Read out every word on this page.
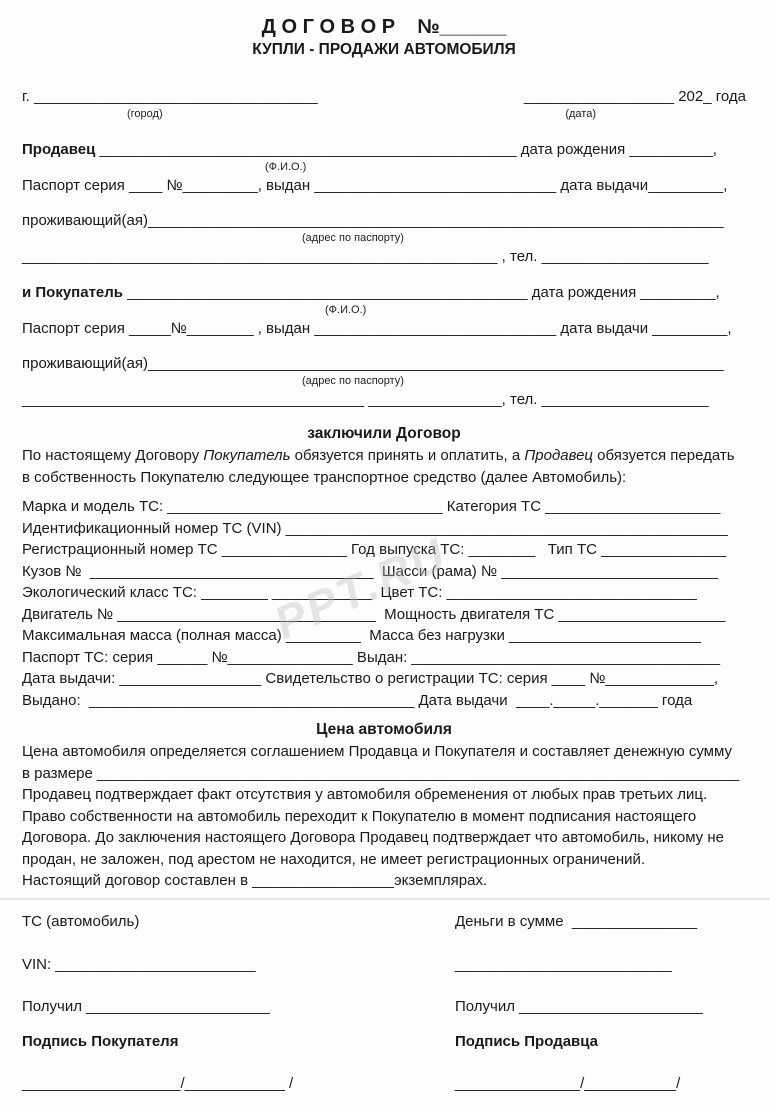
PPT.RU
Д О Г О В О Р    №______
КУПЛИ - ПРОДАЖИ АВТОМОБИЛЯ
г. __________________________________	__________________ 202_ года
(город)	(дата)
Продавец __________________________________________________ дата рождения __________,
(Ф.И.О.)
Паспорт серия ____ №_________, выдан _____________________________ дата выдачи_________,
проживающий(ая)_____________________________________________________________________
(адрес по паспорту)
_________________________________________________________ , тел. ____________________
и Покупатель ________________________________________________ дата рождения _________,
(Ф.И.О.)
Паспорт серия _____№________ , выдан _____________________________ дата выдачи _________,
проживающий(ая)_____________________________________________________________________
(адрес по паспорту)
_________________________________________ ________________, тел. ____________________
заключили Договор
По настоящему Договору Покупатель обязуется принять и оплатить, а Продавец обязуется передать
в собственность Покупателю следующее транспортное средство (далее Автомобиль):
Марка и модель ТС: _________________________________ Категория ТС _____________________
Идентификационный номер ТС (VIN) _____________________________________________________
Регистрационный номер ТС _______________ Год выпуска ТС: ________   Тип ТС _______________
Кузов №  __________________________________  Шасси (рама) № __________________________
Экологический класс ТС: ________ ____________  Цвет ТС: ______________________________
Двигатель № _______________________________  Мощность двигателя ТС ____________________
Максимальная масса (полная масса) _________  Масса без нагрузки _______________________
Паспорт ТС: серия ______ №_______________ Выдан: _____________________________________
Дата выдачи: _________________ Свидетельство о регистрации ТС: серия ____ №_____________,
Выдано:  _______________________________________ Дата выдачи  ____._____._______ года
Цена автомобиля
Цена автомобиля определяется соглашением Продавца и Покупателя и составляет денежную сумму
в размере _____________________________________________________________________________
Продавец подтверждает факт отсутствия у автомобиля обременения от любых прав третьих лиц.
Право собственности на автомобиль переходит к Покупателю в момент подписания настоящего
Договора. До заключения настоящего Договора Продавец подтверждает что автомобиль, никому не
продан, не заложен, под арестом не находится, не имеет регистрационных ограничений.
Настоящий договор составлен в _________________экземплярах.
ТС (автомобиль)
VIN: ________________________
Получил ______________________
Подпись Покупателя
___________________/____________ /
Деньги в сумме  _______________
__________________________
Получил ______________________
Подпись Продавца
_______________/___________/
